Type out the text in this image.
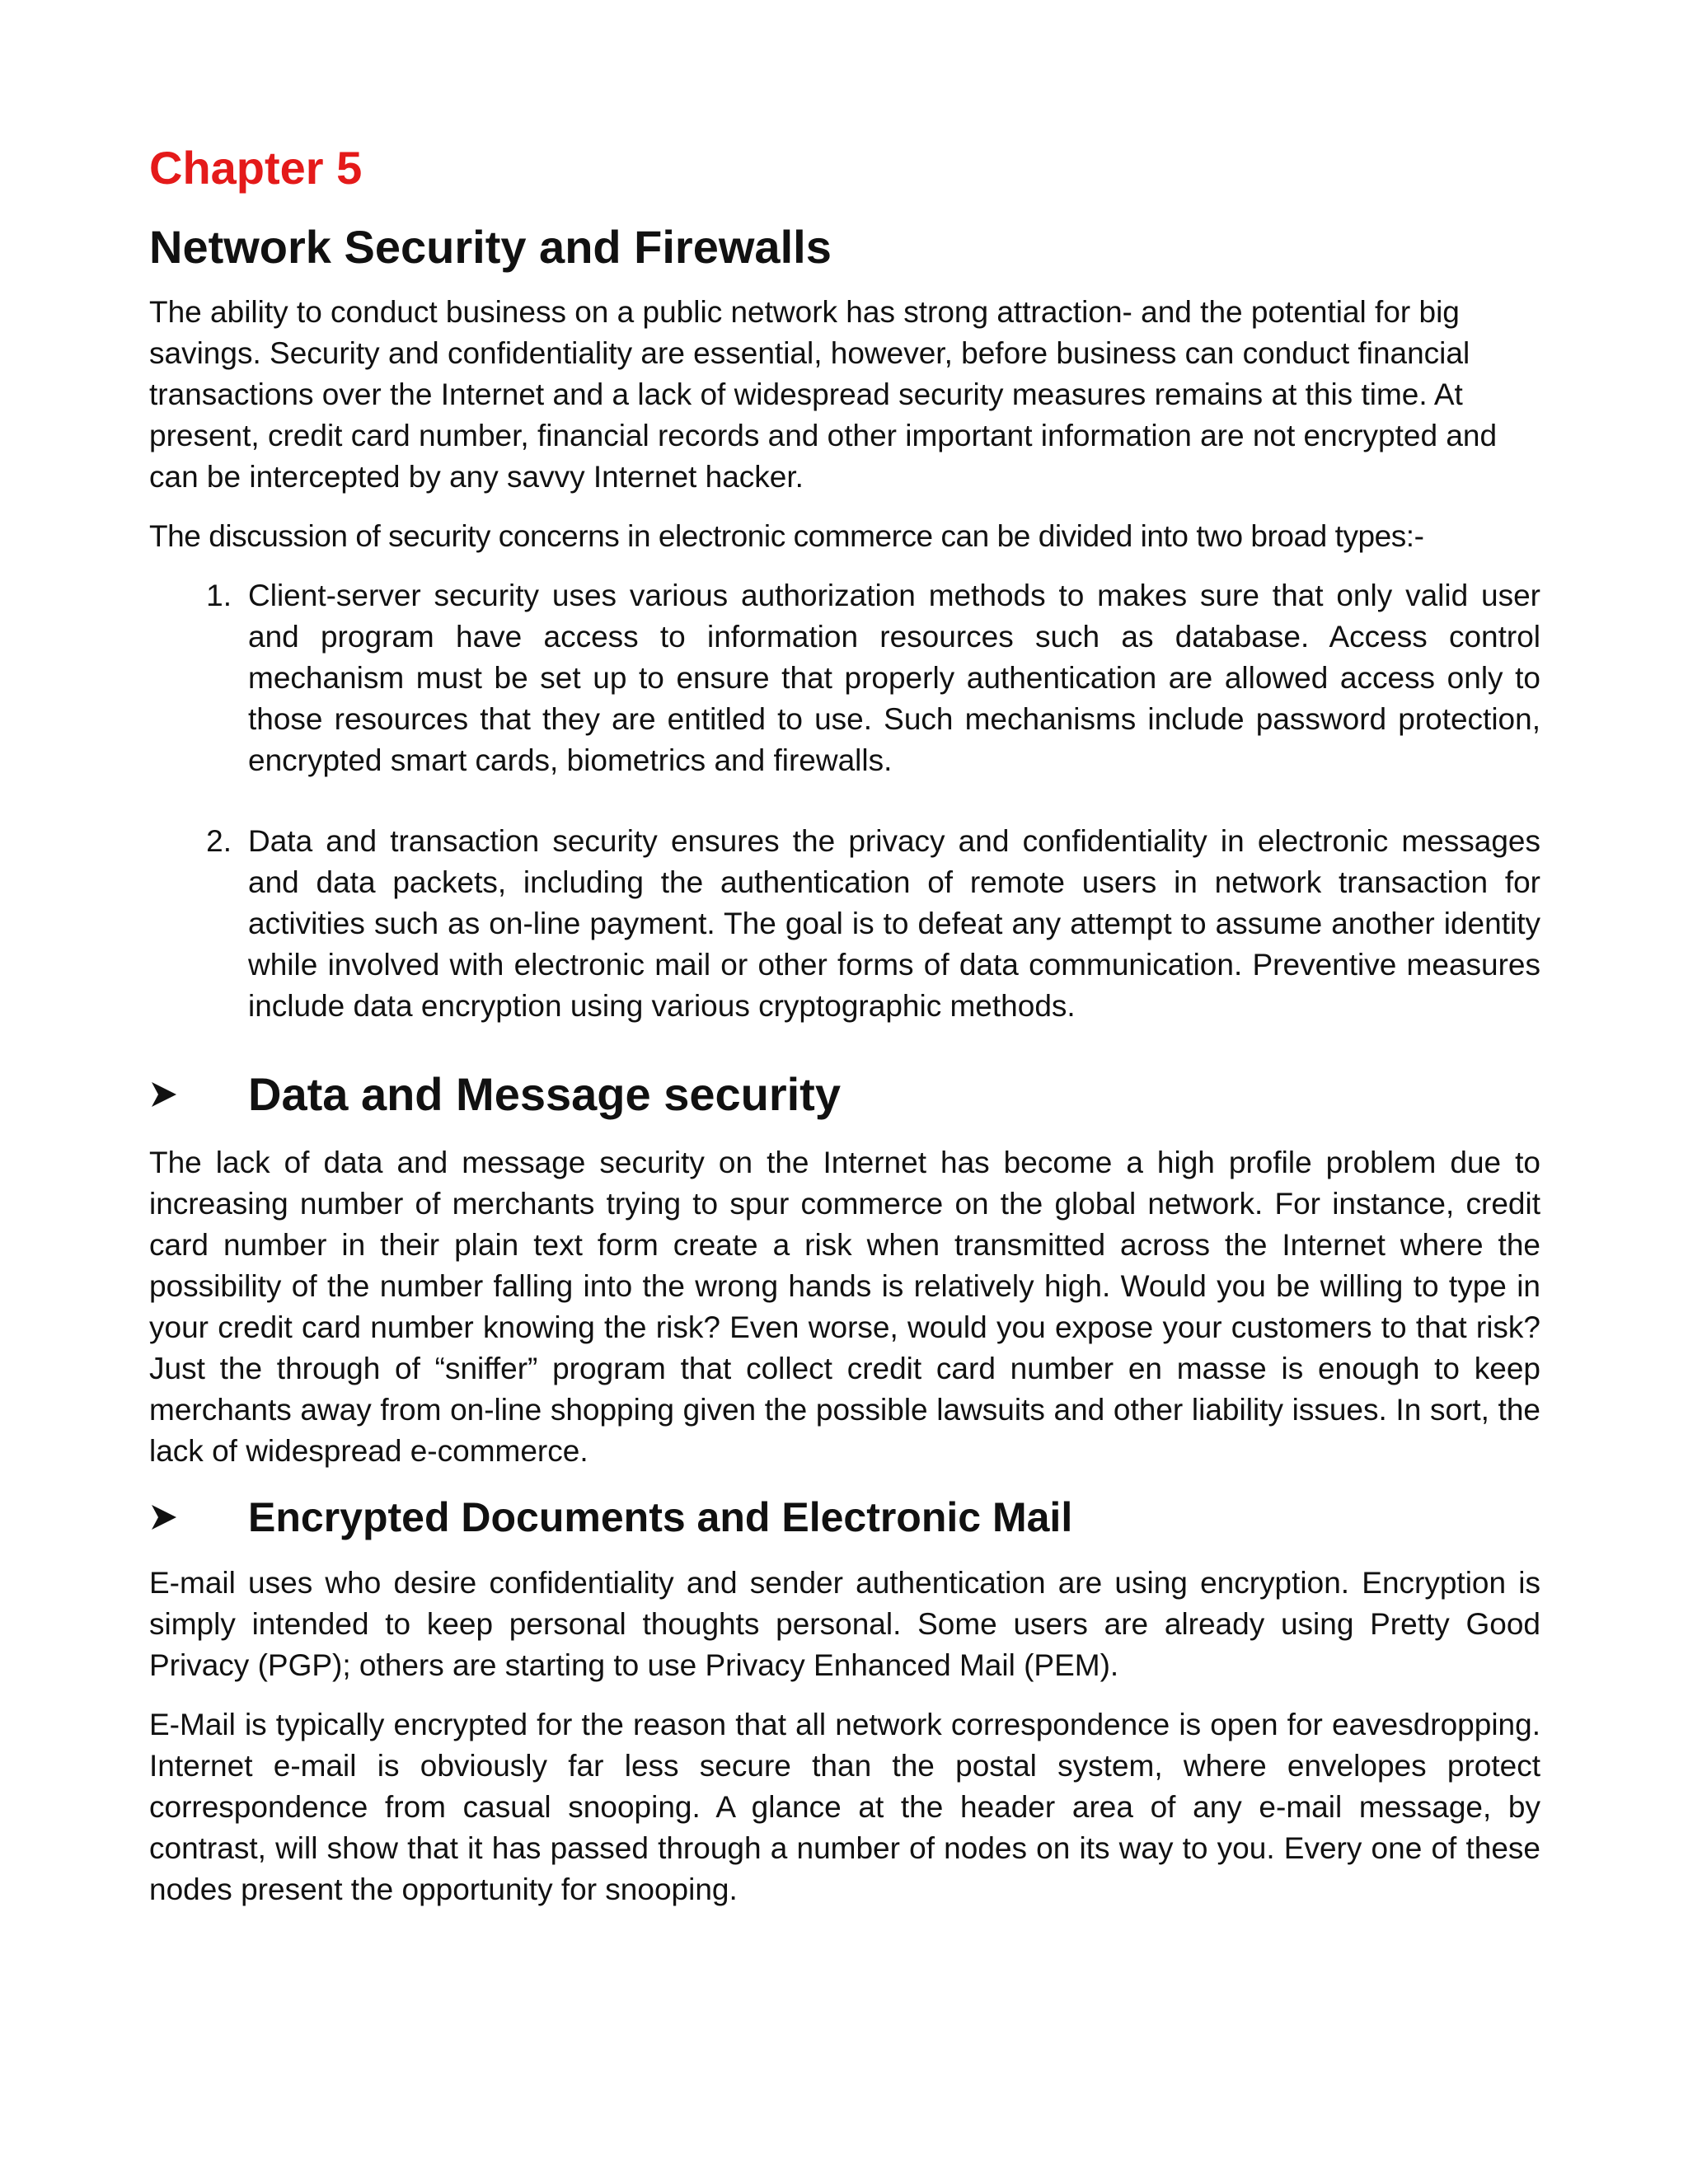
Chapter 5
Network Security and Firewalls

The ability to conduct business on a public network has strong attraction- and the potential for big savings. Security and confidentiality are essential, however, before business can conduct financial transactions over the Internet and a lack of widespread security measures remains at this time. At present, credit card number, financial records and other important information are not encrypted and can be intercepted by any savvy Internet hacker.

The discussion of security concerns in electronic commerce can be divided into two broad types:-

1. Client-server security uses various authorization methods to makes sure that only valid user and program have access to information resources such as database. Access control mechanism must be set up to ensure that properly authentication are allowed access only to those resources that they are entitled to use. Such mechanisms include password protection, encrypted smart cards, biometrics and firewalls.
2. Data and transaction security ensures the privacy and confidentiality in electronic messages and data packets, including the authentication of remote users in network transaction for activities such as on-line payment. The goal is to defeat any attempt to assume another identity while involved with electronic mail or other forms of data communication. Preventive measures include data encryption using various cryptographic methods.
Data and Message security

The lack of data and message security on the Internet has become a high profile problem due to increasing number of merchants trying to spur commerce on the global network. For instance, credit card number in their plain text form create a risk when transmitted across the Internet where the possibility of the number falling into the wrong hands is relatively high. Would you be willing to type in your credit card number knowing the risk? Even worse, would you expose your customers to that risk? Just the through of “sniffer” program that collect credit card number en masse is enough to keep merchants away from on-line shopping given the possible lawsuits and other liability issues. In sort, the lack of widespread e-commerce.

Encrypted Documents and Electronic Mail

E-mail uses who desire confidentiality and sender authentication are using encryption. Encryption is simply intended to keep personal thoughts personal. Some users are already using Pretty Good Privacy (PGP); others are starting to use Privacy Enhanced Mail (PEM).

E-Mail is typically encrypted for the reason that all network correspondence is open for eavesdropping. Internet e-mail is obviously far less secure than the postal system, where envelopes protect correspondence from casual snooping. A glance at the header area of any e-mail message, by contrast, will show that it has passed through a number of nodes on its way to you. Every one of these nodes present the opportunity for snooping.
